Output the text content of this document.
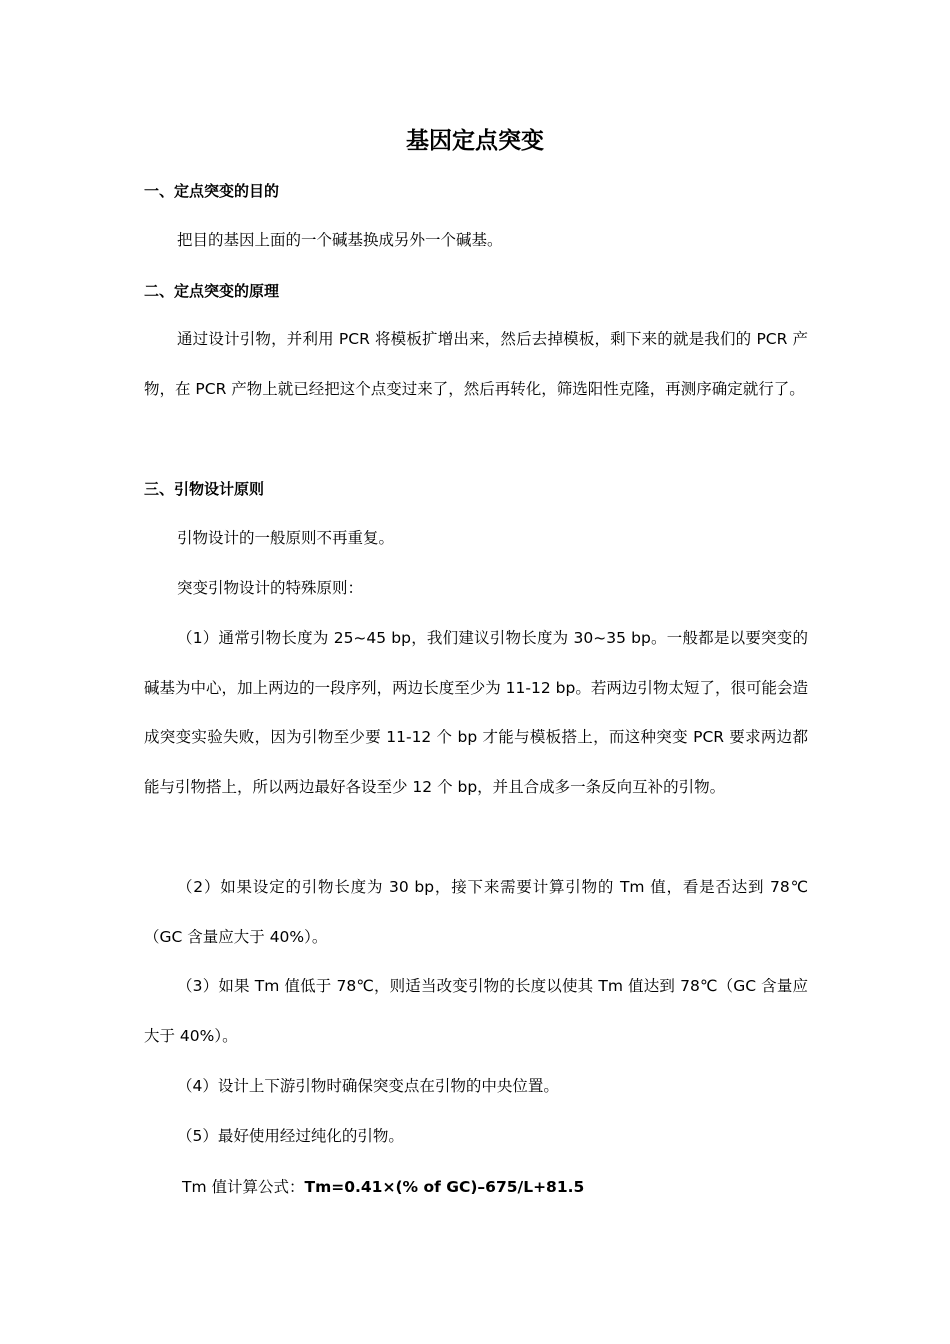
基因定点突变
一、定点突变的目的

把目的基因上面的一个碱基换成另外一个碱基。

二、定点突变的原理

通过设计引物，并利用 PCR 将模板扩增出来，然后去掉模板，剩下来的就是我们的 PCR 产物，在 PCR 产物上就已经把这个点变过来了，然后再转化，筛选阳性克隆，再测序确定就行了。

三、引物设计原则

引物设计的一般原则不再重复。

突变引物设计的特殊原则：

（1）通常引物长度为 25~45 bp，我们建议引物长度为 30~35 bp。一般都是以要突变的碱基为中心，加上两边的一段序列，两边长度至少为 11-12 bp。若两边引物太短了，很可能会造成突变实验失败，因为引物至少要 11-12 个 bp 才能与模板搭上，而这种突变 PCR 要求两边都能与引物搭上，所以两边最好各设至少 12 个 bp，并且合成多一条反向互补的引物。

（2）如果设定的引物长度为 30 bp，接下来需要计算引物的 Tm 值，看是否达到 78℃（GC 含量应大于 40%）。

（3）如果 Tm 值低于 78℃，则适当改变引物的长度以使其 Tm 值达到 78℃（GC 含量应大于 40%）。

（4）设计上下游引物时确保突变点在引物的中央位置。

（5）最好使用经过纯化的引物。

Tm 值计算公式：Tm=0.41×(% of GC)–675/L+81.5
